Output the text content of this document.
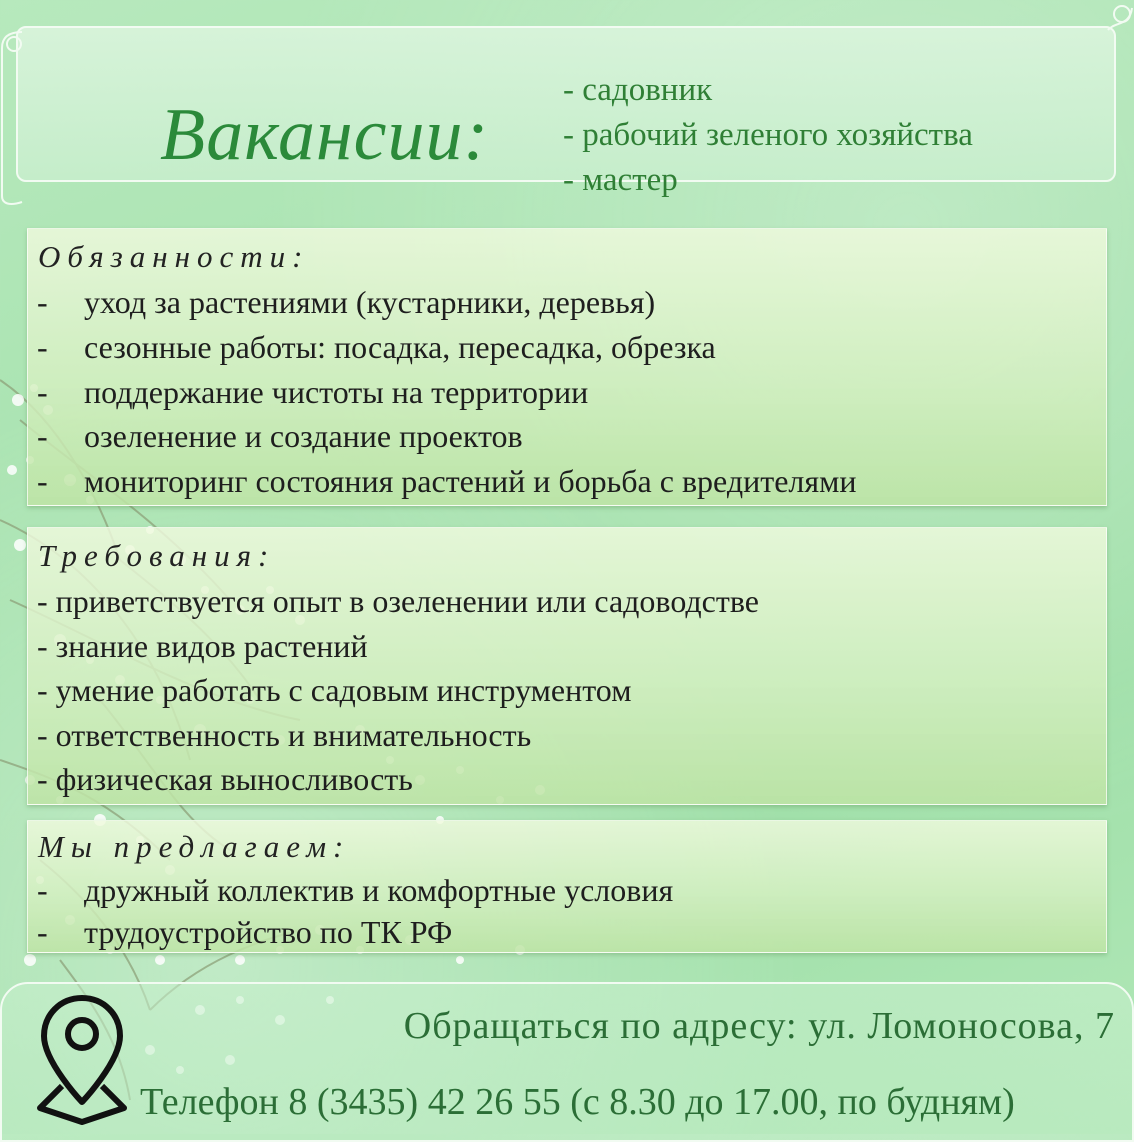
Вакансии:
- садовник
- рабочий зеленого хозяйства
- мастер
Обязанности:
- уход за растениями (кустарники, деревья)
- сезонные работы: посадка, пересадка, обрезка
- поддержание чистоты на территории
- озеленение и создание проектов
- мониторинг состояния растений и борьба с вредителями
Требования:
- приветствуется опыт в озеленении или садоводстве
- знание видов растений
- умение работать с садовым инструментом
- ответственность и внимательность
- физическая выносливость
Мы предлагаем:
- дружный коллектив и комфортные условия
- трудоустройство по ТК РФ
Обращаться по адресу: ул. Ломоносова, 7
Телефон 8 (3435) 42 26 55 (с 8.30 до 17.00, по будням)
